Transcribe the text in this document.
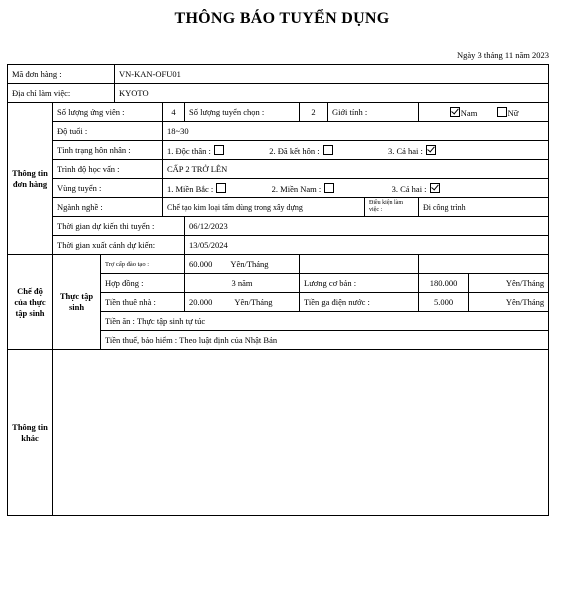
THÔNG BÁO TUYỂN DỤNG
Ngày 3 tháng 11 năm 2023
Mã đơn hàng :			VN-KAN-OFU01							
Địa chỉ làm việc:			KYOTO							
Thông tin đơn hàng	Số lượng ứng viên :			4	Số lượng tuyển chọn :	2	Giới tính :		Nam Nữ	
	Độ tuổi :			18~30						
	Tình trạng hôn nhân :			1. Độc thân : 2. Đã kết hôn : 3. Cả hai :						
	Trình độ học vấn :			CẤP 2 TRỞ LÊN						
	Vùng tuyển :			1. Miền Bắc : 2. Miền Nam : 3. Cả hai :						
	Ngành nghề :			Chế tạo kim loại tấm dùng trong xây dựng				Điều kiện làm việc :	Đi công trình	
	Thời gian dự kiến thi tuyển :				06/12/2023					
	Thời gian xuất cảnh dự kiến:				13/05/2024					
Chế độ của thực tập sinh	Thực tập sinh	Trợ cấp đào tạo :			60.000 Yên/Tháng					
		Hợp đồng :			3 năm	Lương cơ bản :			180.000	Yên/Tháng
		Tiền thuê nhà :			20.000 Yên/Tháng	Tiền ga điện nước :			5.000	Yên/Tháng
		Tiền ăn : Thực tập sinh tự túc								
		Tiền thuế, bảo hiểm : Theo luật định của Nhật Bản								
Thông tin khác										
